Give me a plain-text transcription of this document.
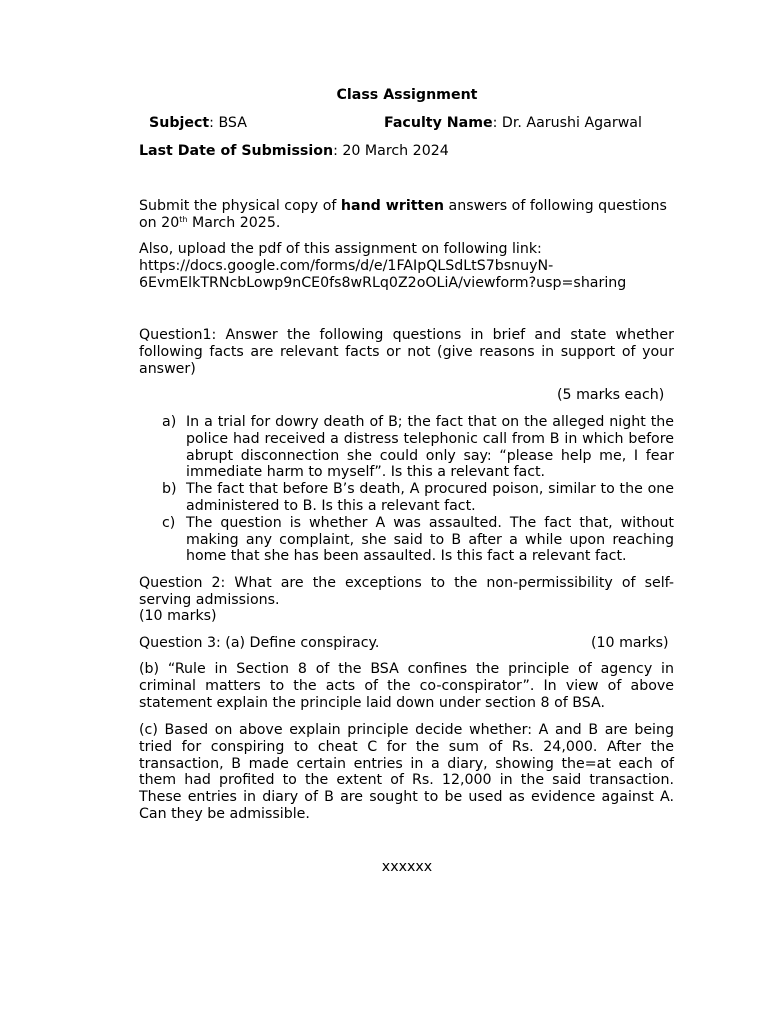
Class Assignment
Subject: BSA	Faculty Name: Dr. Aarushi Agarwal
Last Date of Submission: 20 March 2024
Submit the physical copy of hand written answers of following questions on 20th March 2025.
Also, upload the pdf of this assignment on following link:
https://docs.google.com/forms/d/e/1FAIpQLSdLtS7bsnuyN-
6EvmElkTRNcbLowp9nCE0fs8wRLq0Z2oOLiA/viewform?usp=sharing
Question1: Answer the following questions in brief and state whether following facts are relevant facts or not (give reasons in support of your answer)
(5 marks each)
a) In a trial for dowry death of B; the fact that on the alleged night the police had received a distress telephonic call from B in which before abrupt disconnection she could only say: “please help me, I fear immediate harm to myself”. Is this a relevant fact.
b) The fact that before B’s death, A procured poison, similar to the one administered to B. Is this a relevant fact.
c) The question is whether A was assaulted. The fact that, without making any complaint, she said to B after a while upon reaching home that she has been assaulted. Is this fact a relevant fact.
Question 2: What are the exceptions to the non-permissibility of self-serving admissions.
(10 marks)
Question 3: (a) Define conspiracy.	(10 marks)
(b) “Rule in Section 8 of the BSA confines the principle of agency in criminal matters to the acts of the co-conspirator”. In view of above statement explain the principle laid down under section 8 of BSA.
(c) Based on above explain principle decide whether: A and B are being tried for conspiring to cheat C for the sum of Rs. 24,000. After the transaction, B made certain entries in a diary, showing the=at each of them had profited to the extent of Rs. 12,000 in the said transaction. These entries in diary of B are sought to be used as evidence against A. Can they be admissible.
xxxxxx
